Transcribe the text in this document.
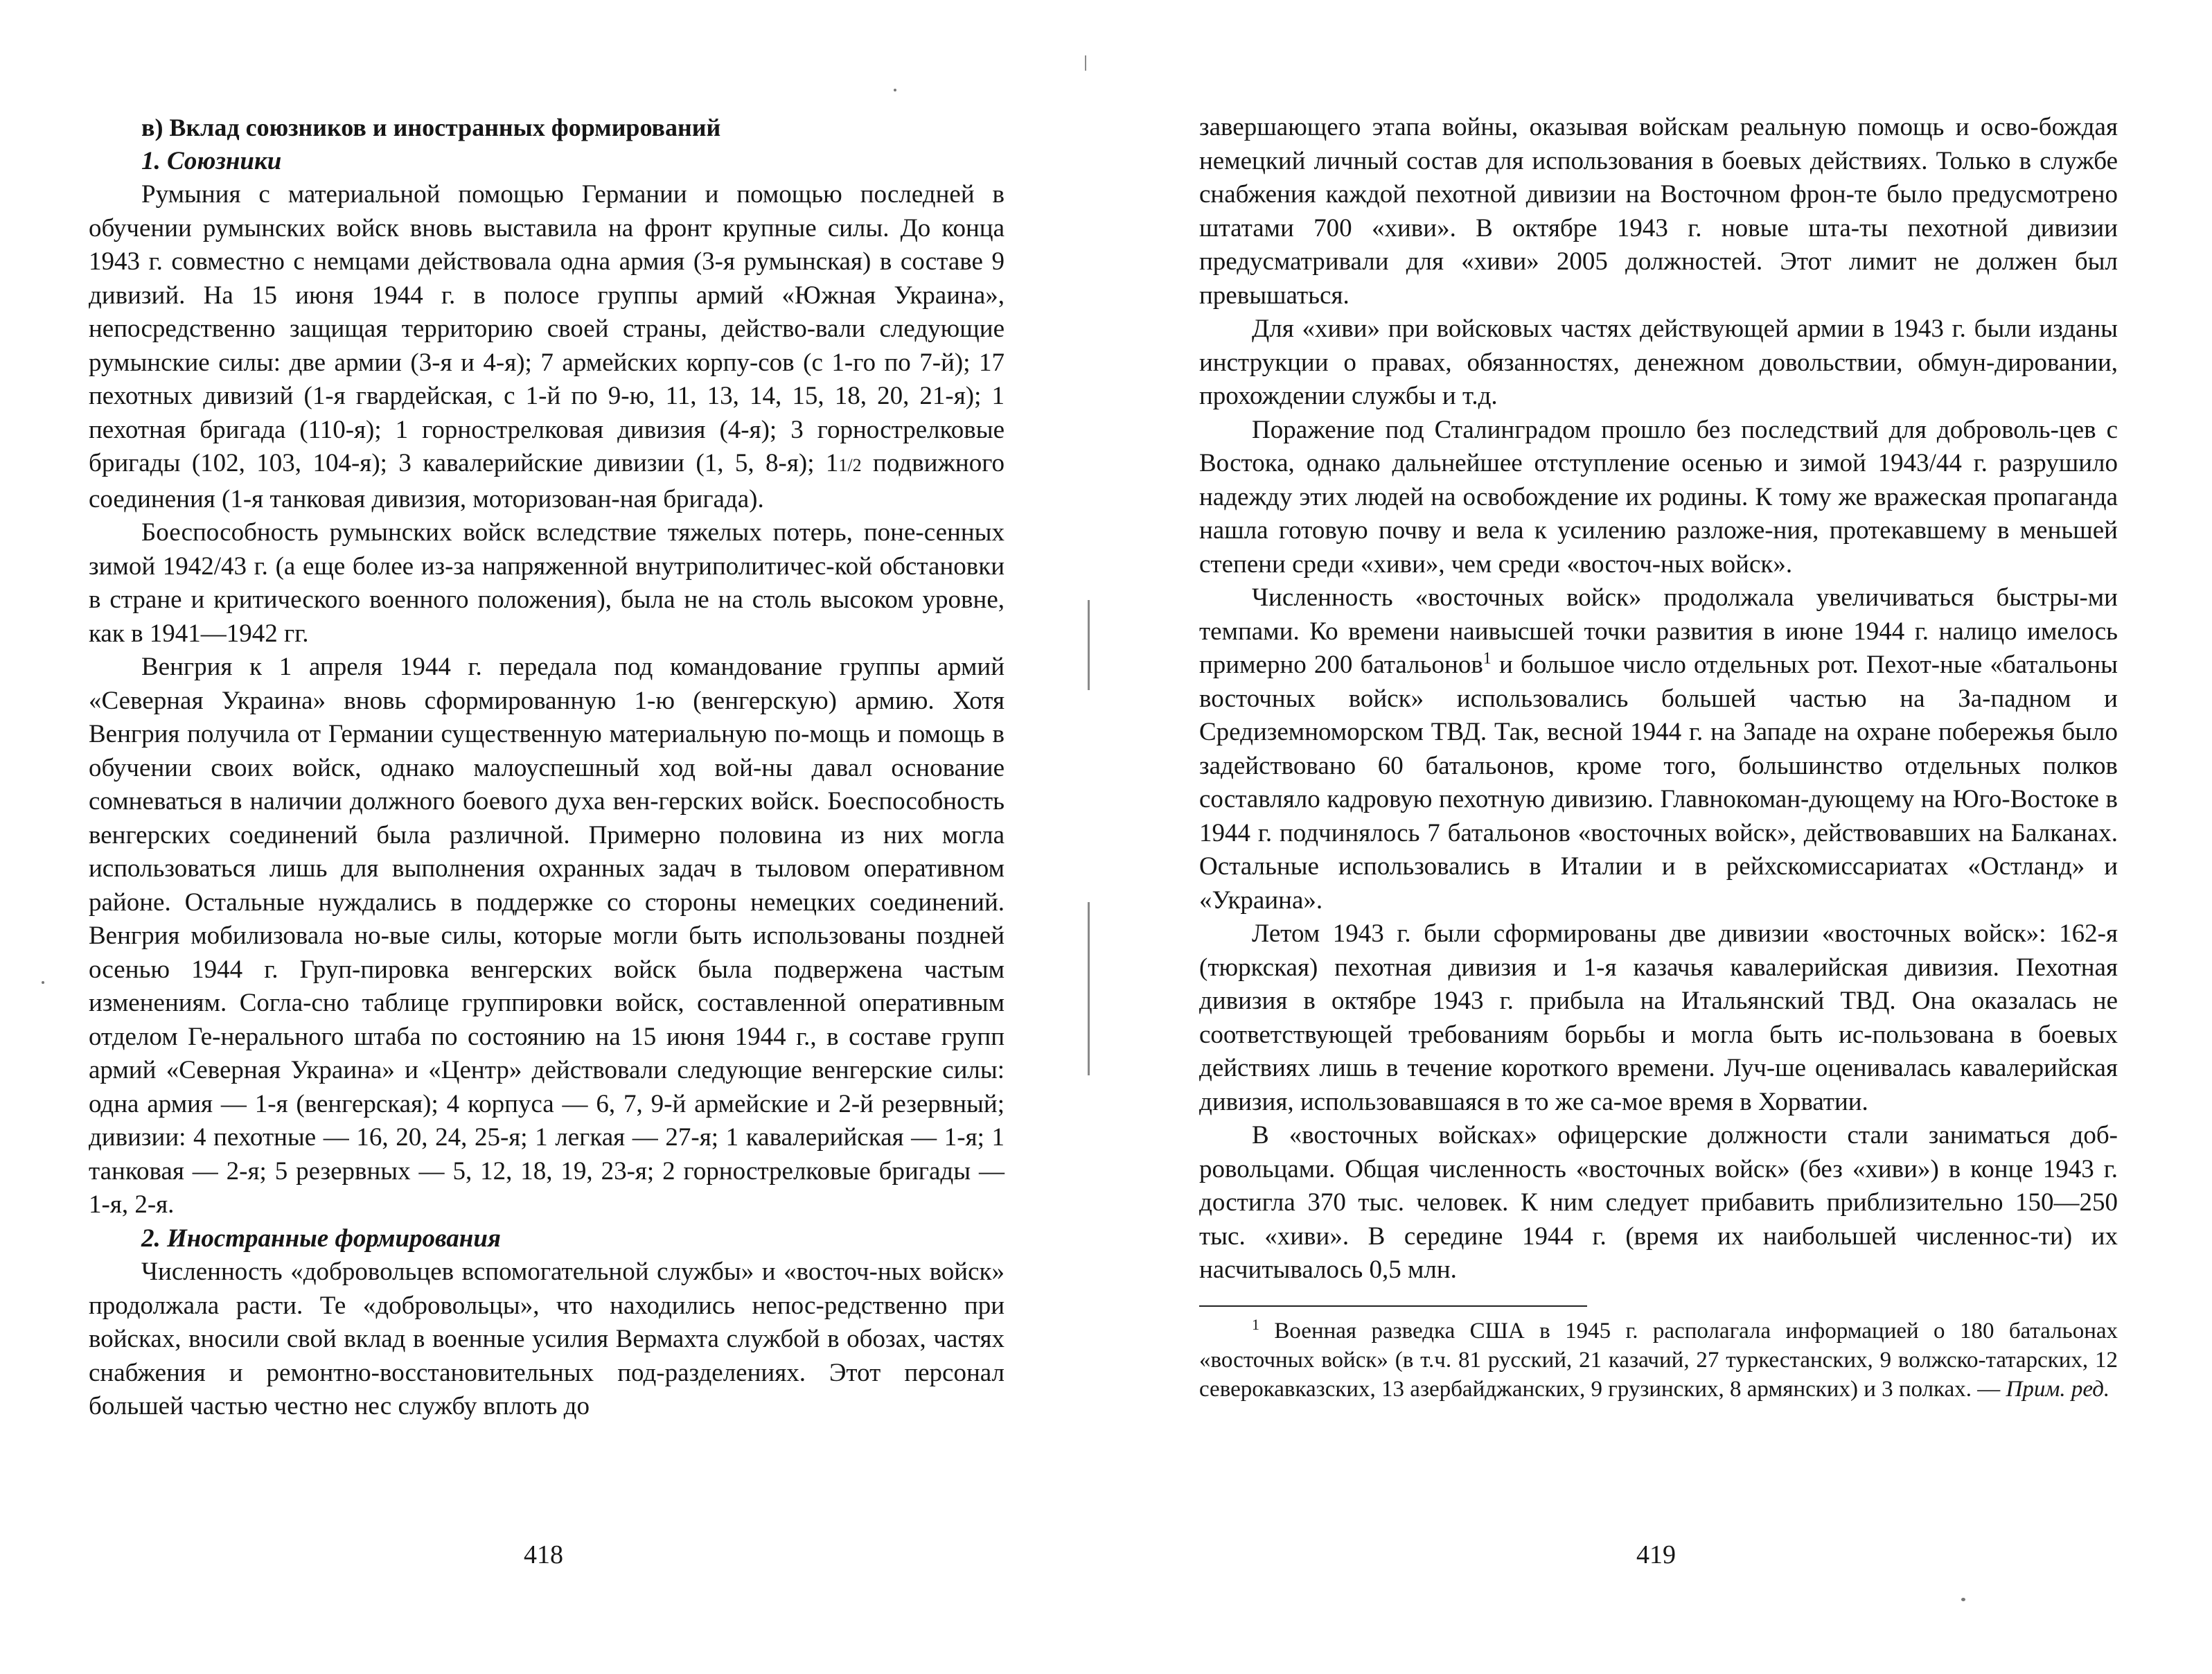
в) Вклад союзников и иностранных формирований

1. Союзники

Румыния с материальной помощью Германии и помощью последней в обучении румынских войск вновь выставила на фронт крупные силы. До конца 1943 г. совместно с немцами действовала одна армия (3-я румынская) в составе 9 дивизий. На 15 июня 1944 г. в полосе группы армий «Южная Украина», непосредственно защищая территорию своей страны, действо-вали следующие румынские силы: две армии (3-я и 4-я); 7 армейских корпу-сов (с 1-го по 7-й); 17 пехотных дивизий (1-я гвардейская, с 1-й по 9-ю, 11, 13, 14, 15, 18, 20, 21-я); 1 пехотная бригада (110-я); 1 горнострелковая дивизия (4-я); 3 горнострелковые бригады (102, 103, 104-я); 3 кавалерийские дивизии (1, 5, 8-я); 11/2 подвижного соединения (1-я танковая дивизия, моторизован-ная бригада).

Боеспособность румынских войск вследствие тяжелых потерь, поне-сенных зимой 1942/43 г. (а еще более из-за напряженной внутриполитичес-кой обстановки в стране и критического военного положения), была не на столь высоком уровне, как в 1941—1942 гг.

Венгрия к 1 апреля 1944 г. передала под командование группы армий «Северная Украина» вновь сформированную 1-ю (венгерскую) армию. Хотя Венгрия получила от Германии существенную материальную по-мощь и помощь в обучении своих войск, однако малоуспешный ход вой-ны давал основание сомневаться в наличии должного боевого духа вен-герских войск. Боеспособность венгерских соединений была различной. Примерно половина из них могла использоваться лишь для выполнения охранных задач в тыловом оперативном районе. Остальные нуждались в поддержке со стороны немецких соединений. Венгрия мобилизовала но-вые силы, которые могли быть использованы поздней осенью 1944 г. Груп-пировка венгерских войск была подвержена частым изменениям. Согла-сно таблице группировки войск, составленной оперативным отделом Ге-нерального штаба по состоянию на 15 июня 1944 г., в составе групп армий «Северная Украина» и «Центр» действовали следующие венгерские силы: одна армия — 1-я (венгерская); 4 корпуса — 6, 7, 9-й армейские и 2-й резервный; дивизии: 4 пехотные — 16, 20, 24, 25-я; 1 легкая — 27-я; 1 кавалерийская — 1-я; 1 танковая — 2-я; 5 резервных — 5, 12, 18, 19, 23-я; 2 горнострелковые бригады — 1-я, 2-я.

2. Иностранные формирования

Численность «добровольцев вспомогательной службы» и «восточ-ных войск» продолжала расти. Те «добровольцы», что находились непос-редственно при войсках, вносили свой вклад в военные усилия Вермахта службой в обозах, частях снабжения и ремонтно-восстановительных под-разделениях. Этот персонал большей частью честно нес службу вплоть до

418

завершающего этапа войны, оказывая войскам реальную помощь и осво-бождая немецкий личный состав для использования в боевых действиях. Только в службе снабжения каждой пехотной дивизии на Восточном фрон-те было предусмотрено штатами 700 «хиви». В октябре 1943 г. новые шта-ты пехотной дивизии предусматривали для «хиви» 2005 должностей. Этот лимит не должен был превышаться.

Для «хиви» при войсковых частях действующей армии в 1943 г. были изданы инструкции о правах, обязанностях, денежном довольствии, обмун-дировании, прохождении службы и т.д.

Поражение под Сталинградом прошло без последствий для доброволь-цев с Востока, однако дальнейшее отступление осенью и зимой 1943/44 г. разрушило надежду этих людей на освобождение их родины. К тому же вражеская пропаганда нашла готовую почву и вела к усилению разложе-ния, протекавшему в меньшей степени среди «хиви», чем среди «восточ-ных войск».

Численность «восточных войск» продолжала увеличиваться быстры-ми темпами. Ко времени наивысшей точки развития в июне 1944 г. налицо имелось примерно 200 батальонов$^1$ и большое число отдельных рот. Пехот-ные «батальоны восточных войск» использовались большей частью на За-падном и Средиземноморском ТВД. Так, весной 1944 г. на Западе на охране побережья было задействовано 60 батальонов, кроме того, большинство отдельных полков составляло кадровую пехотную дивизию. Главнокоман-дующему на Юго-Востоке в 1944 г. подчинялось 7 батальонов «восточных войск», действовавших на Балканах. Остальные использовались в Италии и в рейхскомиссариатах «Остланд» и «Украина».

Летом 1943 г. были сформированы две дивизии «восточных войск»: 162-я (тюркская) пехотная дивизия и 1-я казачья кавалерийская дивизия. Пехотная дивизия в октябре 1943 г. прибыла на Итальянский ТВД. Она оказалась не соответствующей требованиям борьбы и могла быть ис-пользована в боевых действиях лишь в течение короткого времени. Луч-ше оценивалась кавалерийская дивизия, использовавшаяся в то же са-мое время в Хорватии.

В «восточных войсках» офицерские должности стали заниматься доб-ровольцами. Общая численность «восточных войск» (без «хиви») в конце 1943 г. достигла 370 тыс. человек. К ним следует прибавить приблизительно 150—250 тыс. «хиви». В середине 1944 г. (время их наибольшей численнос-ти) их насчитывалось 0,5 млн.

$^1$ Военная разведка США в 1945 г. располагала информацией о 180 батальонах «восточных войск» (в т.ч. 81 русский, 21 казачий, 27 туркестанских, 9 волжско-татарских, 12 северокавказских, 13 азербайджанских, 9 грузинских, 8 армянских) и 3 полках. — Прим. ред.

419
